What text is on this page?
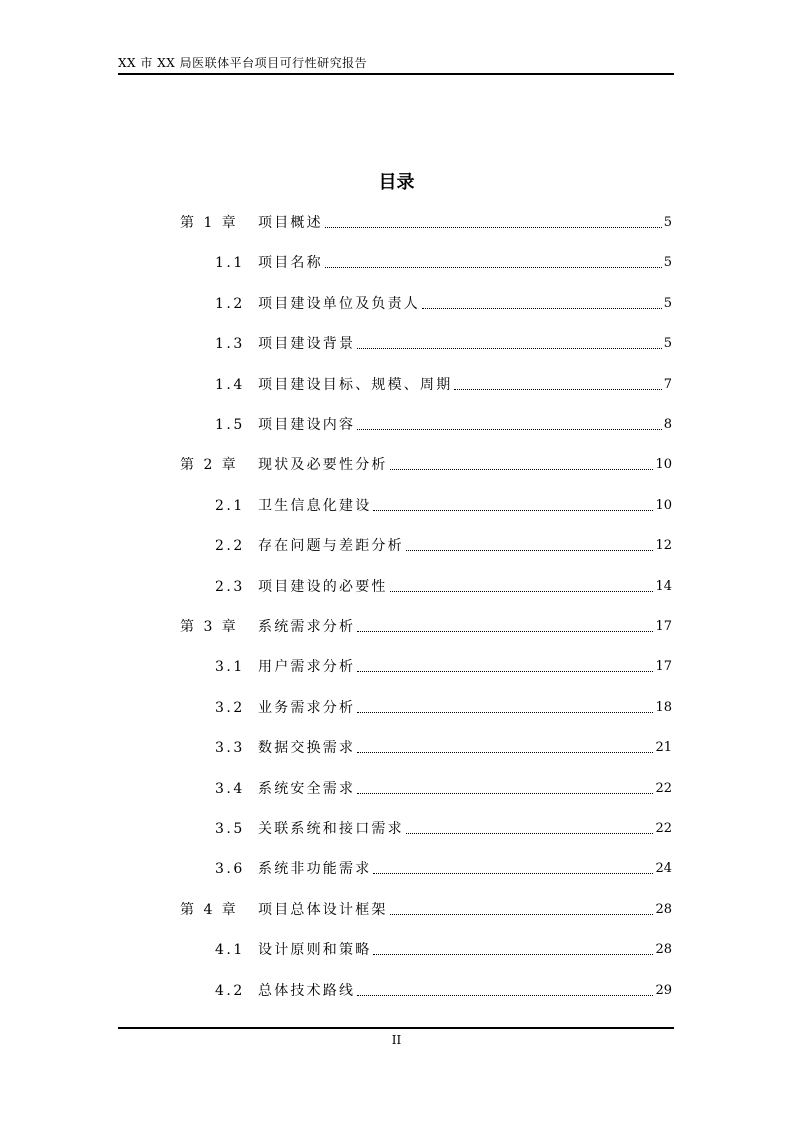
XX 市 XX 局医联体平台项目可行性研究报告
目录
第 1 章	项目概述	5
1.1 项目名称	5
1.2 项目建设单位及负责人	5
1.3 项目建设背景	5
1.4 项目建设目标、规模、周期	7
1.5 项目建设内容	8
第 2 章	现状及必要性分析	10
2.1 卫生信息化建设	10
2.2 存在问题与差距分析	12
2.3 项目建设的必要性	14
第 3 章	系统需求分析	17
3.1 用户需求分析	17
3.2 业务需求分析	18
3.3 数据交换需求	21
3.4 系统安全需求	22
3.5 关联系统和接口需求	22
3.6 系统非功能需求	24
第 4 章	项目总体设计框架	28
4.1 设计原则和策略	28
4.2 总体技术路线	29
II
